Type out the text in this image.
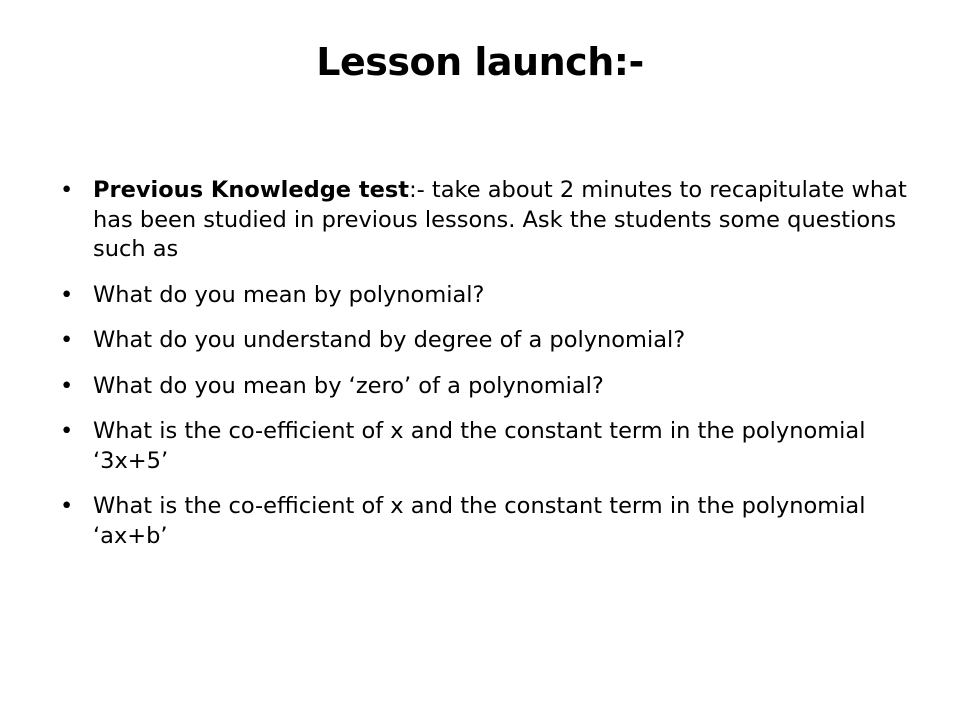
Lesson launch:-
• Previous Knowledge test:- take about 2 minutes to recapitulate what has been studied in previous lessons. Ask the students some questions such as
• What do you mean by polynomial?
• What do you understand by degree of a polynomial?
• What do you mean by ‘zero’ of a polynomial?
• What is the co-efficient of x and the constant term in the polynomial ‘3x+5’
• What is the co-efficient of x and the constant term in the polynomial ‘ax+b’
